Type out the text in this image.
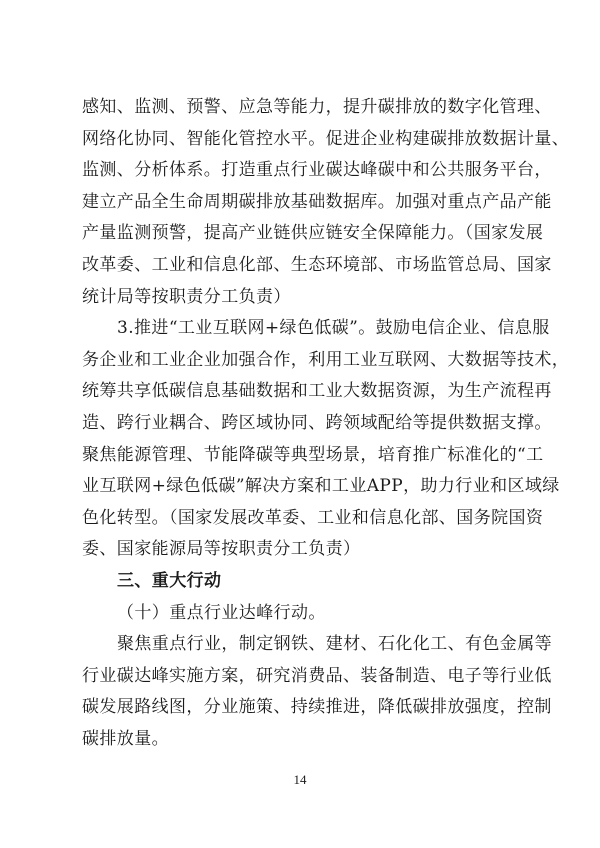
感知、监测、预警、应急等能力，提升碳排放的数字化管理、
网络化协同、智能化管控水平。促进企业构建碳排放数据计量、
监测、分析体系。打造重点行业碳达峰碳中和公共服务平台，
建立产品全生命周期碳排放基础数据库。加强对重点产品产能
产量监测预警，提高产业链供应链安全保障能力。（国家发展
改革委、工业和信息化部、生态环境部、市场监管总局、国家
统计局等按职责分工负责）
3.推进“工业互联网+绿色低碳”。鼓励电信企业、信息服
务企业和工业企业加强合作，利用工业互联网、大数据等技术，
统筹共享低碳信息基础数据和工业大数据资源，为生产流程再
造、跨行业耦合、跨区域协同、跨领域配给等提供数据支撑。
聚焦能源管理、节能降碳等典型场景，培育推广标准化的“工
业互联网+绿色低碳”解决方案和工业APP，助力行业和区域绿
色化转型。（国家发展改革委、工业和信息化部、国务院国资
委、国家能源局等按职责分工负责）
三、重大行动
（十）重点行业达峰行动。
聚焦重点行业，制定钢铁、建材、石化化工、有色金属等
14
行业碳达峰实施方案，研究消费品、装备制造、电子等行业低
碳发展路线图，分业施策、持续推进，降低碳排放强度，控制
碳排放量。
